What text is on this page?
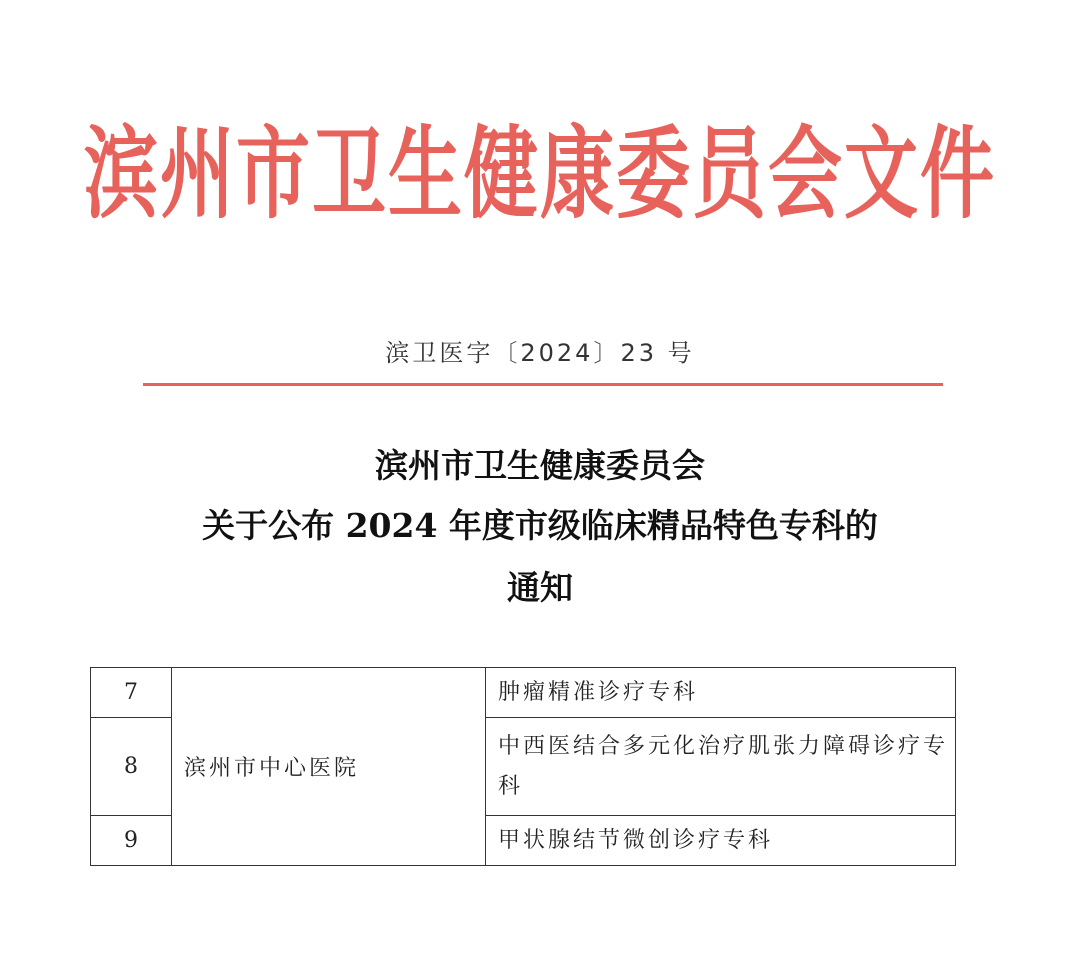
滨州市卫生健康委员会文件
滨卫医字〔2024〕23 号
滨州市卫生健康委员会
关于公布 2024 年度市级临床精品特色专科的
通知
7	滨州市中心医院	肿瘤精准诊疗专科
8		中西医结合多元化治疗肌张力障碍诊疗专科
9		甲状腺结节微创诊疗专科
